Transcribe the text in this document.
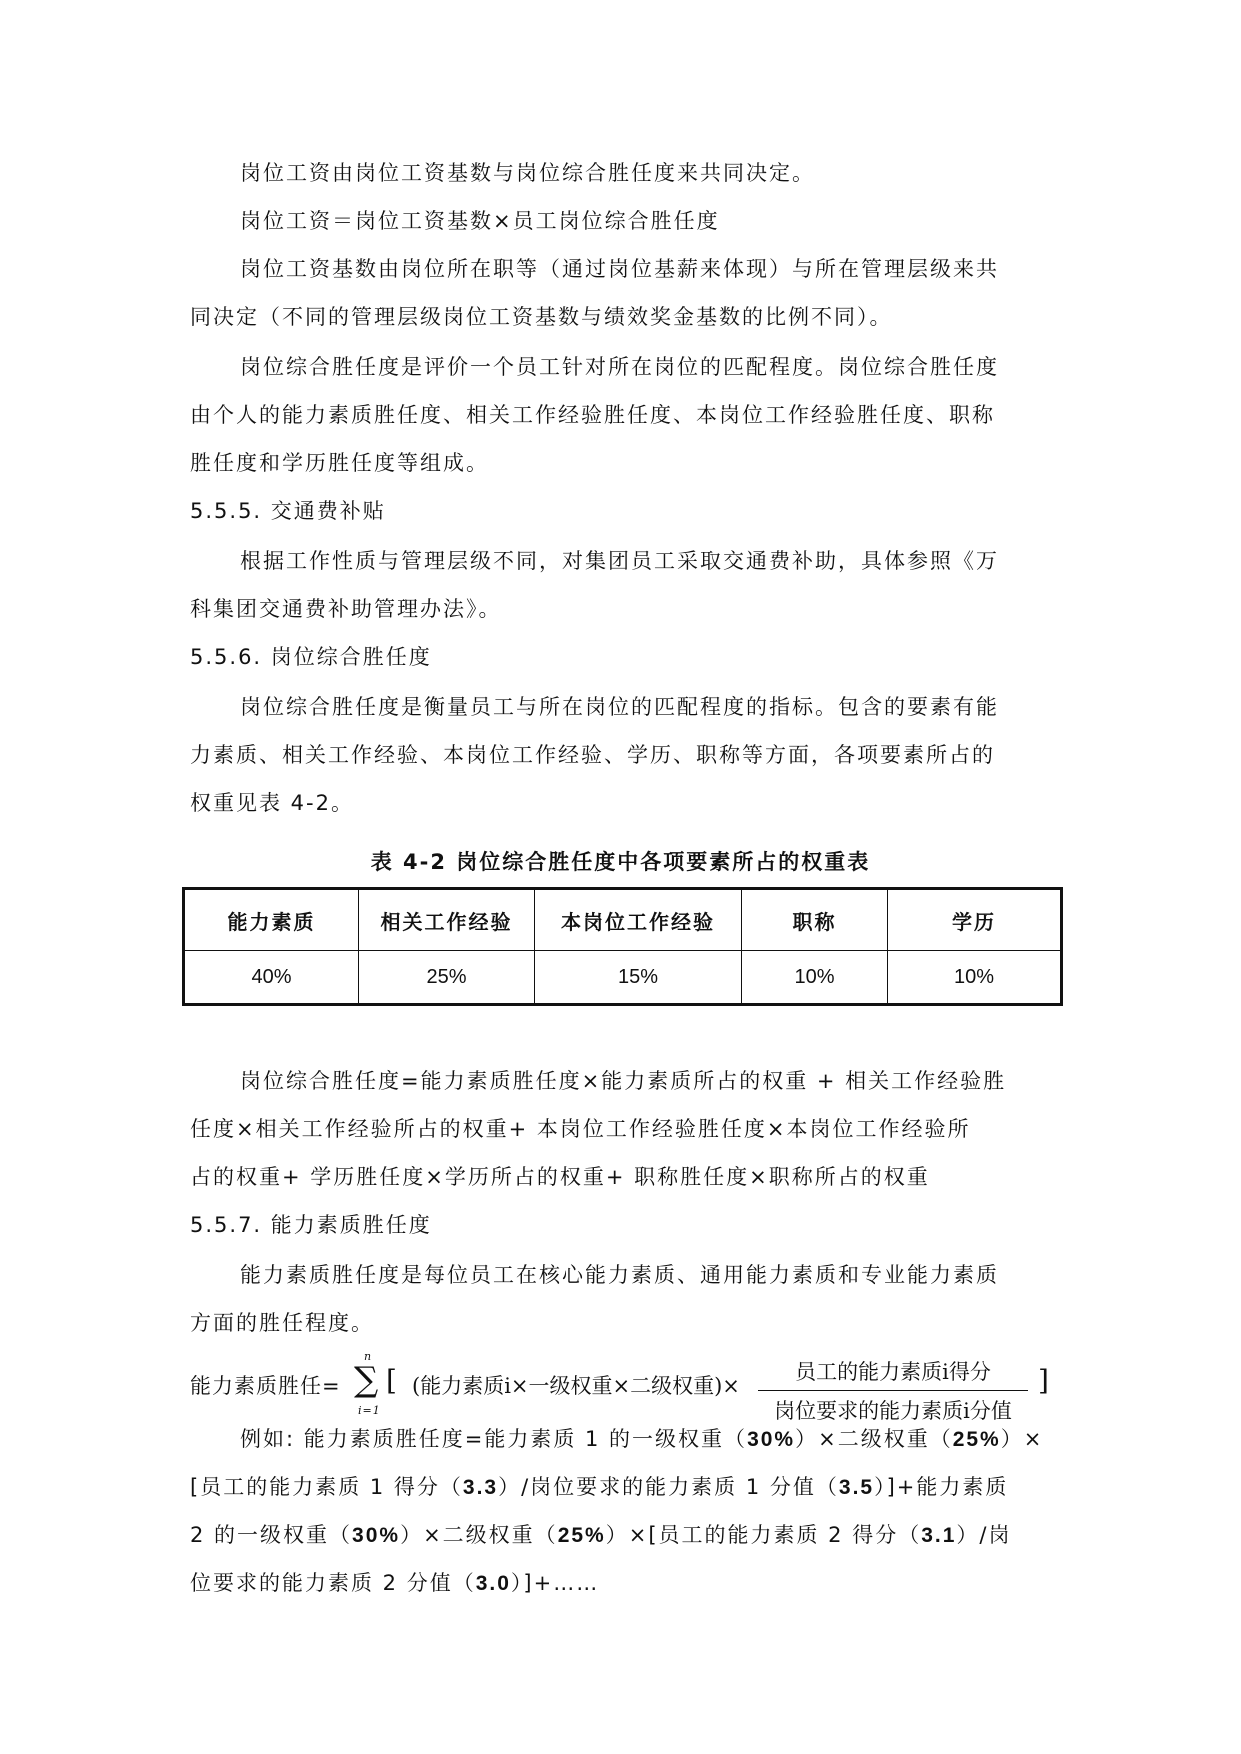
岗位工资由岗位工资基数与岗位综合胜任度来共同决定。
岗位工资＝岗位工资基数×员工岗位综合胜任度
岗位工资基数由岗位所在职等（通过岗位基薪来体现）与所在管理层级来共
同决定（不同的管理层级岗位工资基数与绩效奖金基数的比例不同）。
岗位综合胜任度是评价一个员工针对所在岗位的匹配程度。岗位综合胜任度
由个人的能力素质胜任度、相关工作经验胜任度、本岗位工作经验胜任度、职称
胜任度和学历胜任度等组成。
5.5.5. 交通费补贴
根据工作性质与管理层级不同，对集团员工采取交通费补助，具体参照《万
科集团交通费补助管理办法》。
5.5.6. 岗位综合胜任度
岗位综合胜任度是衡量员工与所在岗位的匹配程度的指标。包含的要素有能
力素质、相关工作经验、本岗位工作经验、学历、职称等方面，各项要素所占的
权重见表 4-2。
表 4-2 岗位综合胜任度中各项要素所占的权重表
能力素质	相关工作经验	本岗位工作经验	职称	学历
40%	25%	15%	10%	10%
岗位综合胜任度=能力素质胜任度×能力素质所占的权重 + 相关工作经验胜
任度×相关工作经验所占的权重+ 本岗位工作经验胜任度×本岗位工作经验所
占的权重+ 学历胜任度×学历所占的权重+ 职称胜任度×职称所占的权重
5.5.7. 能力素质胜任度
能力素质胜任度是每位员工在核心能力素质、通用能力素质和专业能力素质
方面的胜任程度。
能力素质胜任=
n
∑
i=1
[ (能力素质i×一级权重×二级权重)×
员工的能力素质i得分
岗位要求的能力素质i分值
]
例如: 能力素质胜任度=能力素质 1 的一级权重（30%）×二级权重（25%）×
[员工的能力素质 1 得分（3.3）/岗位要求的能力素质 1 分值（3.5）]+能力素质
2 的一级权重（30%）×二级权重（25%）×[员工的能力素质 2 得分（3.1）/岗
位要求的能力素质 2 分值（3.0）]+……
